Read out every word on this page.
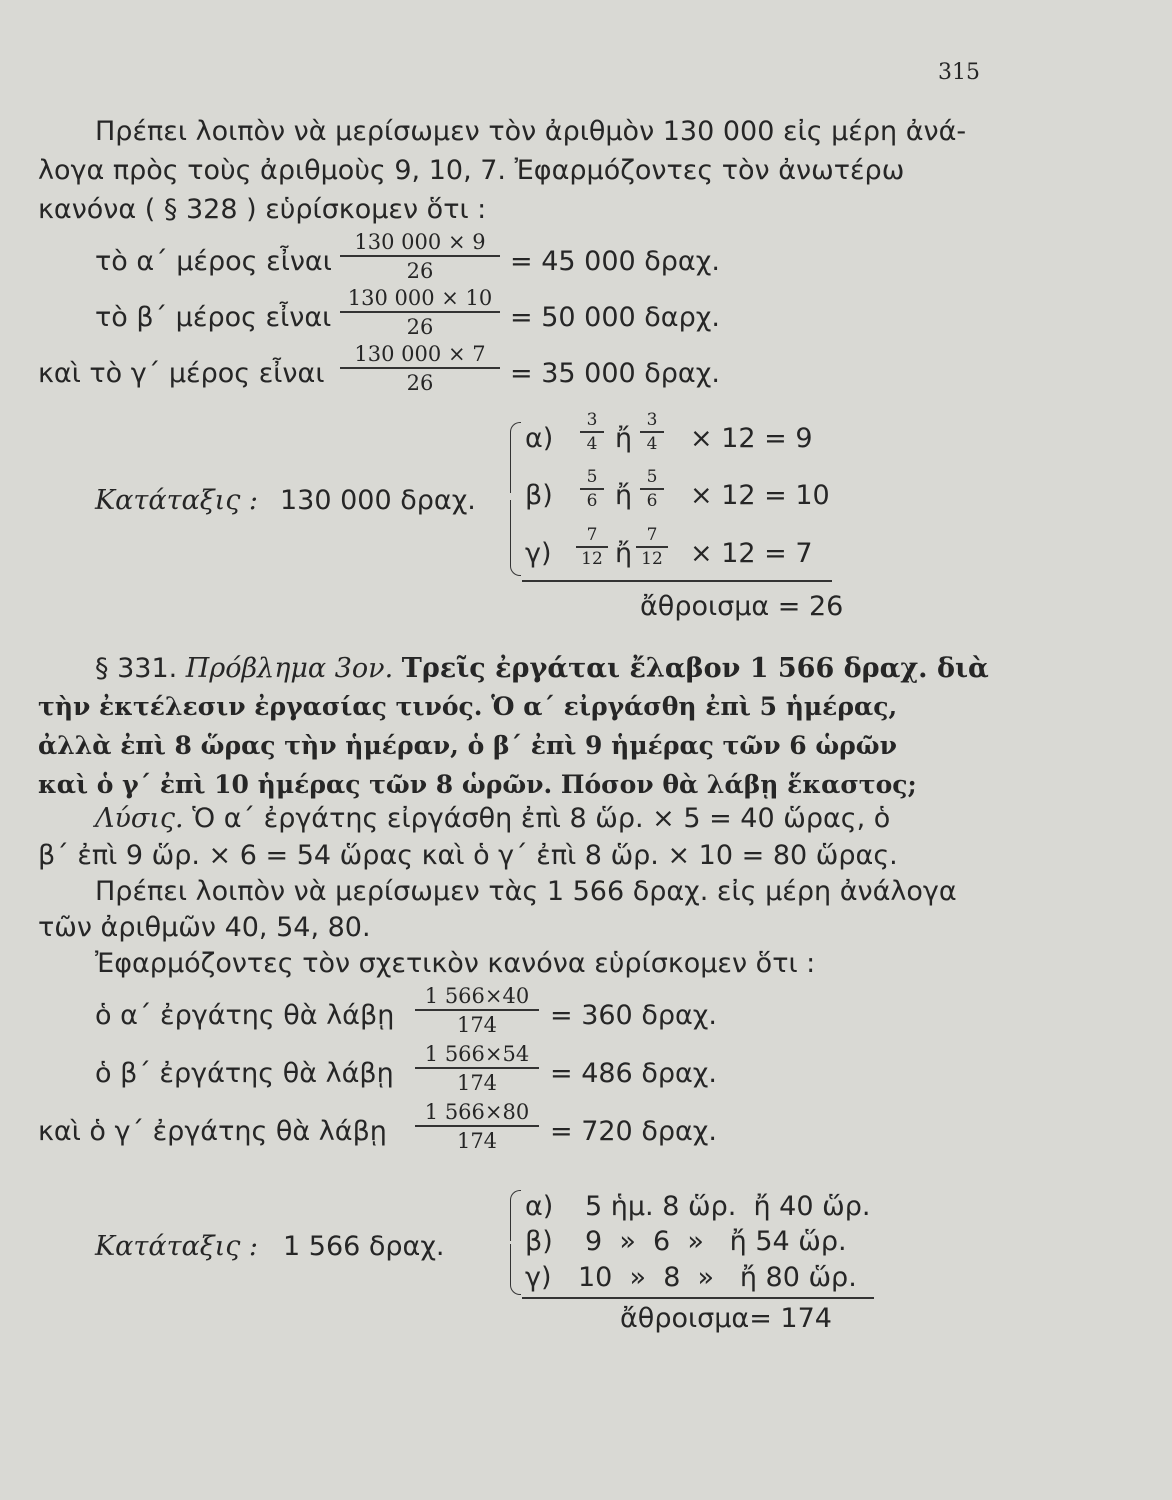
315
Πρέπει λοιπὸν νὰ μερίσωμεν τὸν ἀριθμὸν 130 000 εἰς μέρη ἀνά-
λογα πρὸς τοὺς ἀριθμοὺς 9, 10, 7. Ἐφαρμόζοντες τὸν ἀνωτέρω
κανόνα ( § 328 ) εὑρίσκομεν ὅτι :
τὸ α΄ μέρος εἶναι
130 000 × 9
26	= 45 000 δραχ.
τὸ β΄ μέρος εἶναι
130 000 × 10
26	= 50 000 δαρχ.
καὶ τὸ γ΄ μέρος εἶναι
130 000 × 7
26	= 35 000 δραχ.
Κατάταξις : 130 000 δραχ.
α)
3
4 ἤ
3
4 × 12 = 9
β)
5
6 ἤ
5
6 × 12 = 10
γ)
7
12 ἤ
7
12 × 12 = 7
ἄθροισμα = 26
§ 331. Πρόβλημα 3ον. Τρεῖς ἐργάται ἔλαβον 1 566 δραχ. διὰ
τὴν ἐκτέλεσιν ἐργασίας τινός. Ὁ α΄ εἰργάσθη ἐπὶ 5 ἡμέρας,
ἀλλὰ ἐπὶ 8 ὥρας τὴν ἡμέραν, ὁ β΄ ἐπὶ 9 ἡμέρας τῶν 6 ὡρῶν
καὶ ὁ γ΄ ἐπὶ 10 ἡμέρας τῶν 8 ὡρῶν. Πόσον θὰ λάβῃ ἕκαστος;
Λύσις. Ὁ α΄ ἐργάτης εἰργάσθη ἐπὶ 8 ὥρ. × 5 = 40 ὥρας, ὁ
β΄ ἐπὶ 9 ὥρ. × 6 = 54 ὥρας καὶ ὁ γ΄ ἐπὶ 8 ὥρ. × 10 = 80 ὥρας.
Πρέπει λοιπὸν νὰ μερίσωμεν τὰς 1 566 δραχ. εἰς μέρη ἀνάλογα
τῶν ἀριθμῶν 40, 54, 80.
Ἐφαρμόζοντες τὸν σχετικὸν κανόνα εὑρίσκομεν ὅτι :
ὁ α΄ ἐργάτης θὰ λάβῃ
1 566×40
174	= 360 δραχ.
ὁ β΄ ἐργάτης θὰ λάβῃ
1 566×54
174	= 486 δραχ.
καὶ ὁ γ΄ ἐργάτης θὰ λάβῃ
1 566×80
174	= 720 δραχ.
Κατάταξις : 1 566 δραχ.
α) 5 ἡμ. 8 ὥρ.  ἤ 40 ὥρ.
β) 9  »  6  »   ἤ 54 ὥρ.
γ) 10  »  8  »   ἤ 80 ὥρ.
ἄθροισμα= 174
